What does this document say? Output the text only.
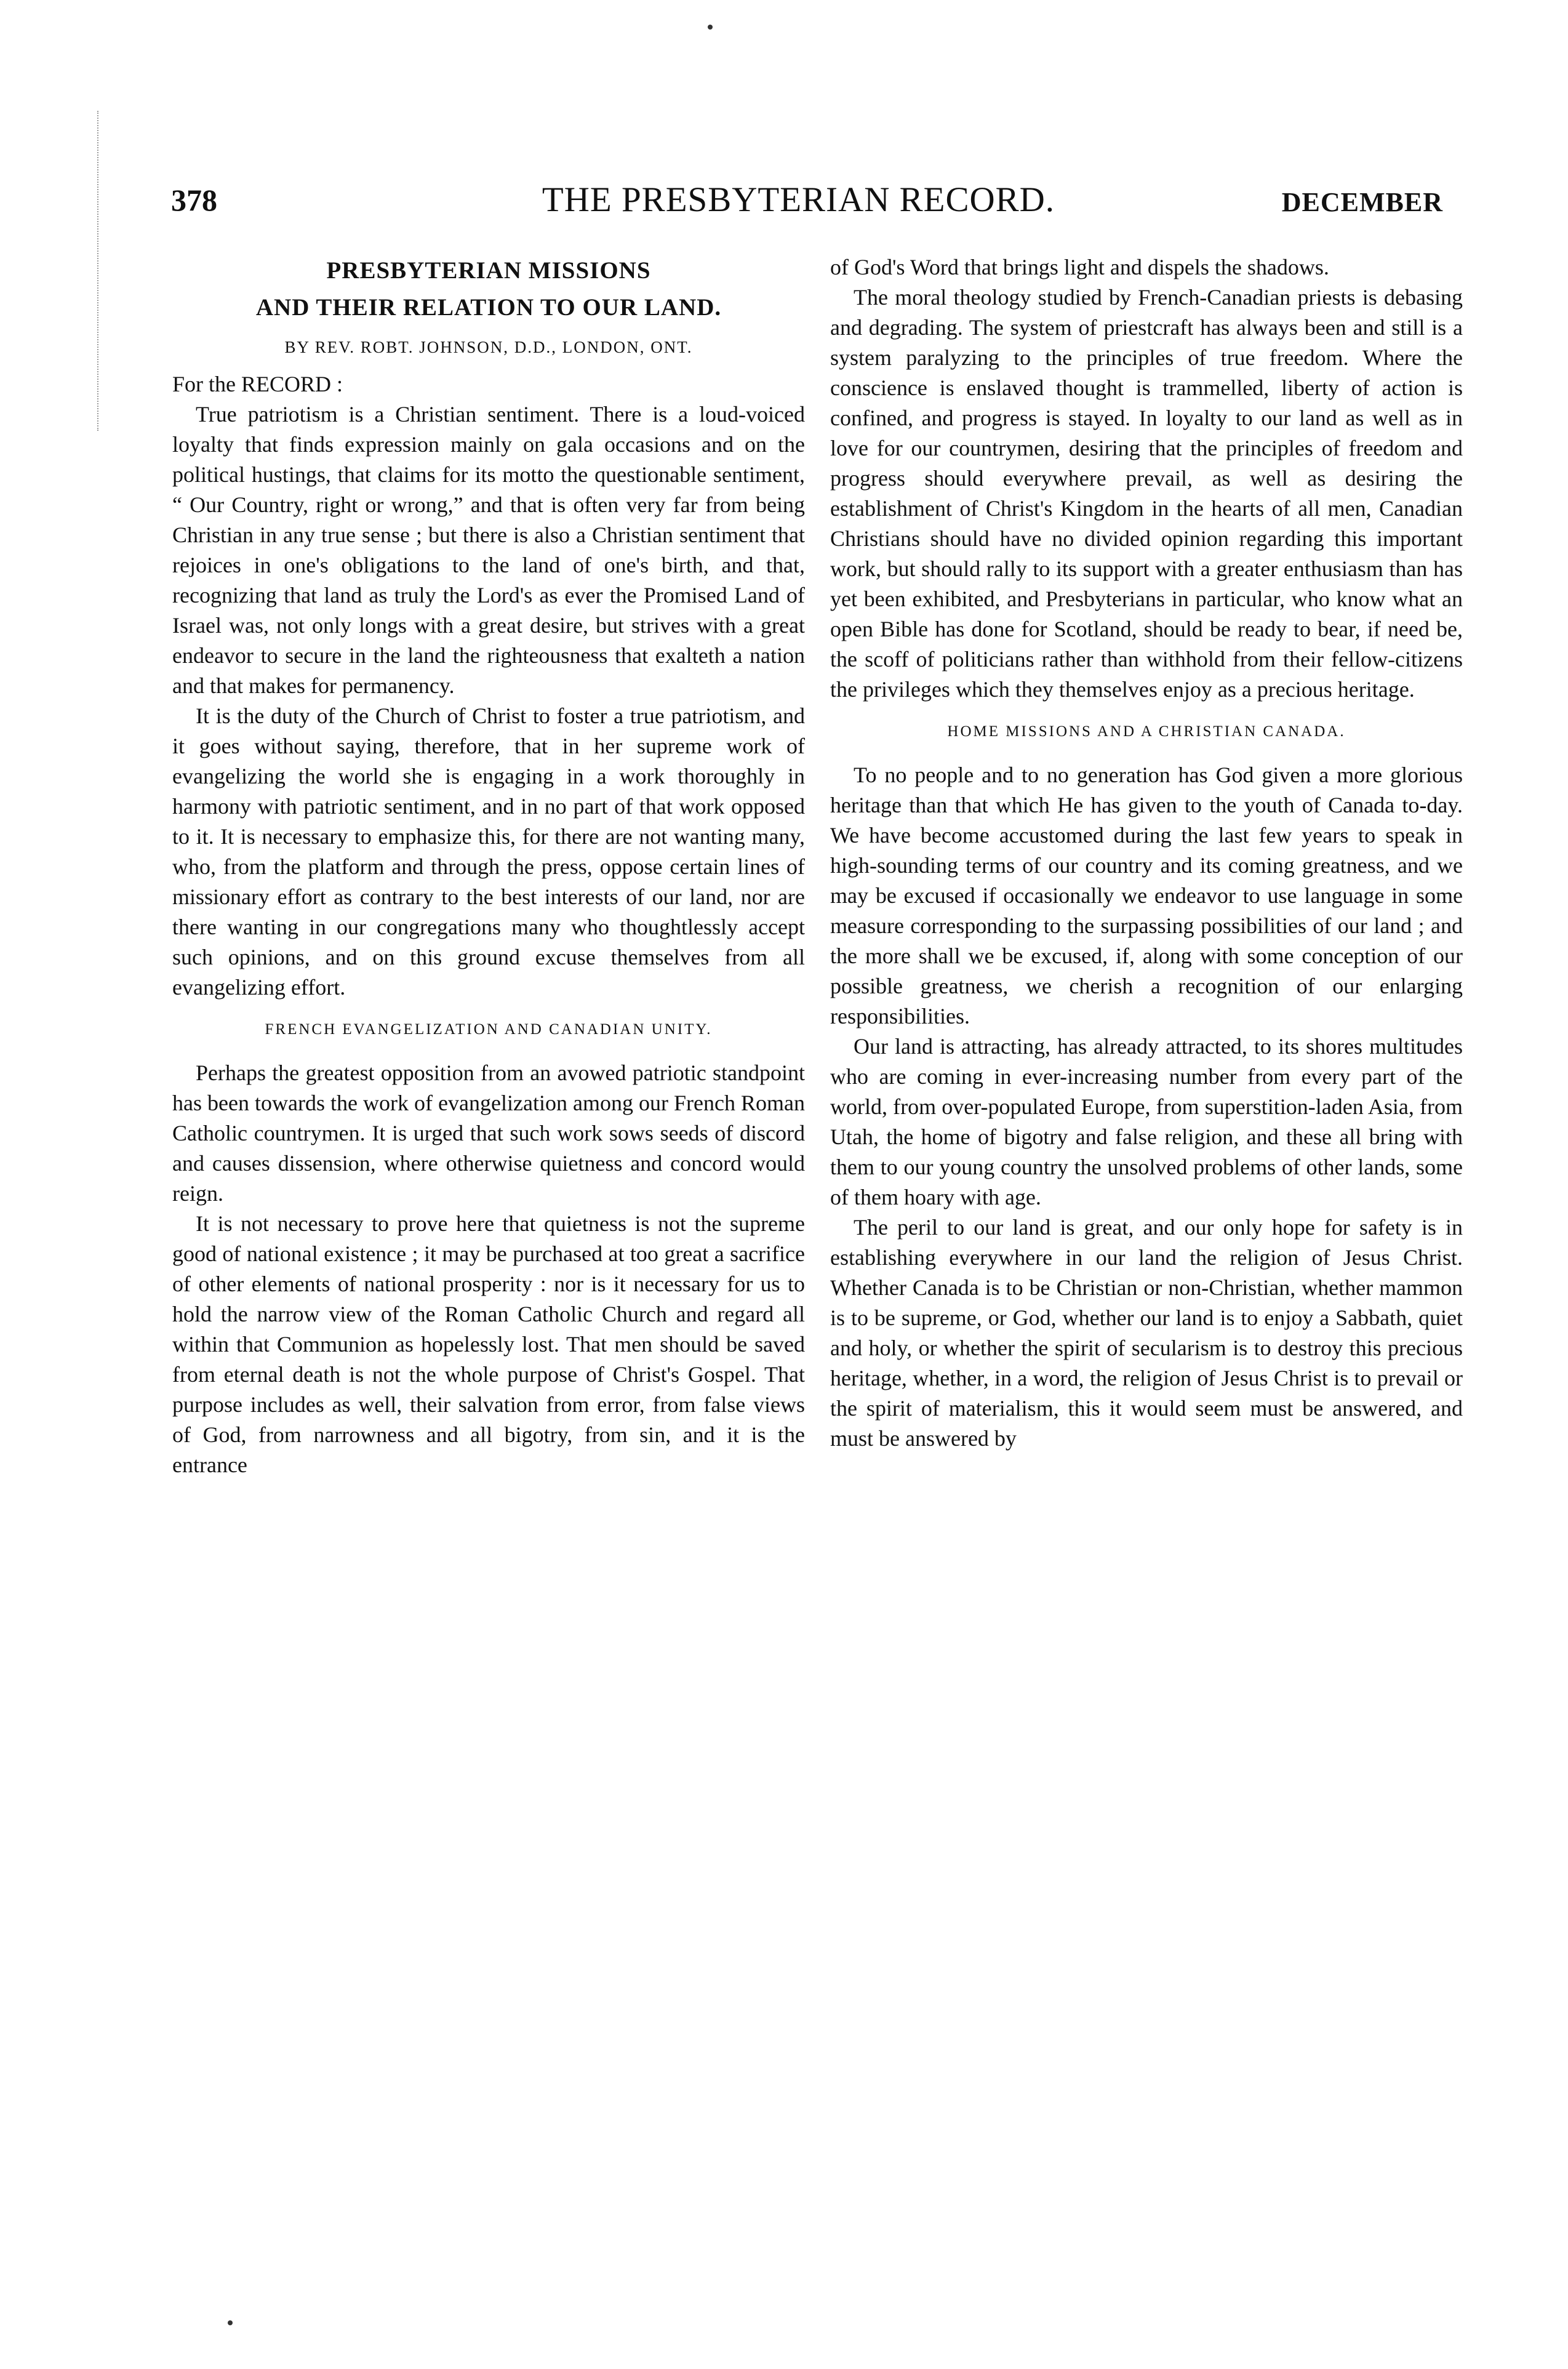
378	THE PRESBYTERIAN RECORD.	DECEMBER
PRESBYTERIAN MISSIONS
AND THEIR RELATION TO OUR LAND.
BY REV. ROBT. JOHNSON, D.D., LONDON, ONT.

For the RECORD :

True patriotism is a Christian sentiment. There is a loud-voiced loyalty that finds expression mainly on gala occasions and on the political hustings, that claims for its motto the questionable sentiment, “ Our Country, right or wrong,” and that is often very far from being Christian in any true sense ; but there is also a Christian sentiment that rejoices in one's obligations to the land of one's birth, and that, recognizing that land as truly the Lord's as ever the Promised Land of Israel was, not only longs with a great desire, but strives with a great endeavor to secure in the land the righteousness that exalteth a nation and that makes for permanency.

It is the duty of the Church of Christ to foster a true patriotism, and it goes without saying, therefore, that in her supreme work of evangelizing the world she is engaging in a work thoroughly in harmony with patriotic sentiment, and in no part of that work opposed to it. It is necessary to emphasize this, for there are not wanting many, who, from the platform and through the press, oppose certain lines of missionary effort as contrary to the best interests of our land, nor are there wanting in our congregations many who thoughtlessly accept such opinions, and on this ground excuse themselves from all evangelizing effort.

FRENCH EVANGELIZATION AND CANADIAN UNITY.

Perhaps the greatest opposition from an avowed patriotic standpoint has been towards the work of evangelization among our French Roman Catholic countrymen. It is urged that such work sows seeds of discord and causes dissension, where otherwise quietness and concord would reign.

It is not necessary to prove here that quietness is not the supreme good of national existence ; it may be purchased at too great a sacrifice of other elements of national prosperity : nor is it necessary for us to hold the narrow view of the Roman Catholic Church and regard all within that Communion as hopelessly lost. That men should be saved from eternal death is not the whole purpose of Christ's Gospel. That purpose includes as well, their salvation from error, from false views of God, from narrowness and all bigotry, from sin, and it is the entrance

of God's Word that brings light and dispels the shadows.

The moral theology studied by French-Canadian priests is debasing and degrading. The system of priestcraft has always been and still is a system paralyzing to the principles of true freedom. Where the conscience is enslaved thought is trammelled, liberty of action is confined, and progress is stayed. In loyalty to our land as well as in love for our countrymen, desiring that the principles of freedom and progress should everywhere prevail, as well as desiring the establishment of Christ's Kingdom in the hearts of all men, Canadian Christians should have no divided opinion regarding this important work, but should rally to its support with a greater enthusiasm than has yet been exhibited, and Presbyterians in particular, who know what an open Bible has done for Scotland, should be ready to bear, if need be, the scoff of politicians rather than withhold from their fellow-citizens the privileges which they themselves enjoy as a precious heritage.

HOME MISSIONS AND A CHRISTIAN CANADA.

To no people and to no generation has God given a more glorious heritage than that which He has given to the youth of Canada to-day. We have become accustomed during the last few years to speak in high-sounding terms of our country and its coming greatness, and we may be excused if occasionally we endeavor to use language in some measure corresponding to the surpassing possibilities of our land ; and the more shall we be excused, if, along with some conception of our possible greatness, we cherish a recognition of our enlarging responsibilities.

Our land is attracting, has already attracted, to its shores multitudes who are coming in ever-increasing number from every part of the world, from over-populated Europe, from superstition-laden Asia, from Utah, the home of bigotry and false religion, and these all bring with them to our young country the unsolved problems of other lands, some of them hoary with age.

The peril to our land is great, and our only hope for safety is in establishing everywhere in our land the religion of Jesus Christ. Whether Canada is to be Christian or non-Christian, whether mammon is to be supreme, or God, whether our land is to enjoy a Sabbath, quiet and holy, or whether the spirit of secularism is to destroy this precious heritage, whether, in a word, the religion of Jesus Christ is to prevail or the spirit of materialism, this it would seem must be answered, and must be answered by
